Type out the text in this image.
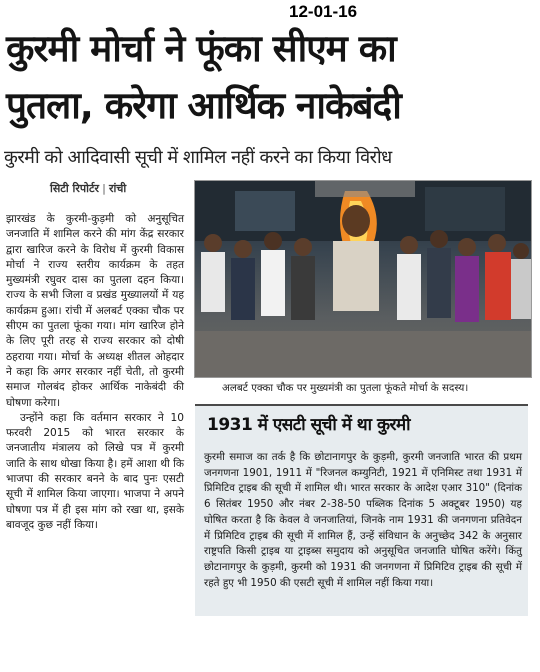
12-01-16
कुरमी मोर्चा ने फूंका सीएम का
पुतला, करेगा आर्थिक नाकेबंदी
कुरमी को आदिवासी सूची में शामिल नहीं करने का किया विरोध
सिटी रिपोर्टर | रांची

झारखंड के कुरमी-कुड़मी को अनुसूचित जनजाति में शामिल करने की मांग केंद्र सरकार द्वारा खारिज करने के विरोध में कुरमी विकास मोर्चा ने राज्य स्तरीय कार्यक्रम के तहत मुख्यमंत्री रघुवर दास का पुतला दहन किया। राज्य के सभी जिला व प्रखंड मुख्यालयों में यह कार्यक्रम हुआ। रांची में अलबर्ट एक्का चौक पर सीएम का पुतला फूंका गया। मांग खारिज होने के लिए पूरी तरह से राज्य सरकार को दोषी ठहराया गया। मोर्चा के अध्यक्ष शीतल ओहदार ने कहा कि अगर सरकार नहीं चेती, तो कुरमी समाज गोलबंद होकर आर्थिक नाकेबंदी की घोषणा करेगा।

उन्होंने कहा कि वर्तमान सरकार ने 10 फरवरी 2015 को भारत सरकार के जनजातीय मंत्रालय को लिखे पत्र में कुरमी जाति के साथ धोखा किया है। हमें आशा थी कि भाजपा की सरकार बनने के बाद पुनः एसटी सूची में शामिल किया जाएगा। भाजपा ने अपने घोषणा पत्र में ही इस मांग को रखा था, इसके बावजूद कुछ नहीं किया।

अलबर्ट एक्का चौक पर मुख्यमंत्री का पुतला फूंकते मोर्चा के सदस्य।
1931 में एसटी सूची में था कुरमी
कुरमी समाज का तर्क है कि छोटानागपुर के कुड़मी, कुरमी जनजाति भारत की प्रथम जनगणना 1901, 1911 में "रिजनल कम्युनिटी, 1921 में एनिमिस्ट तथा 1931 में प्रिमिटिव ट्राइब की सूची में शामिल थी। भारत सरकार के आदेश एआर 310" (दिनांक 6 सितंबर 1950 और नंबर 2-38-50 पब्लिक दिनांक 5 अक्टूबर 1950) यह घोषित करता है कि केवल वे जनजातियां, जिनके नाम 1931 की जनगणना प्रतिवेदन में प्रिमिटिव ट्राइब की सूची में शामिल हैं, उन्हें संविधान के अनुच्छेद 342 के अनुसार राष्ट्रपति किसी ट्राइब या ट्राइब्स समुदाय को अनुसूचित जनजाति घोषित करेंगे। किंतु छोटानागपुर के कुड़मी, कुरमी को 1931 की जनगणना में प्रिमिटिव ट्राइब की सूची में रहते हुए भी 1950 की एसटी सूची में शामिल नहीं किया गया।
